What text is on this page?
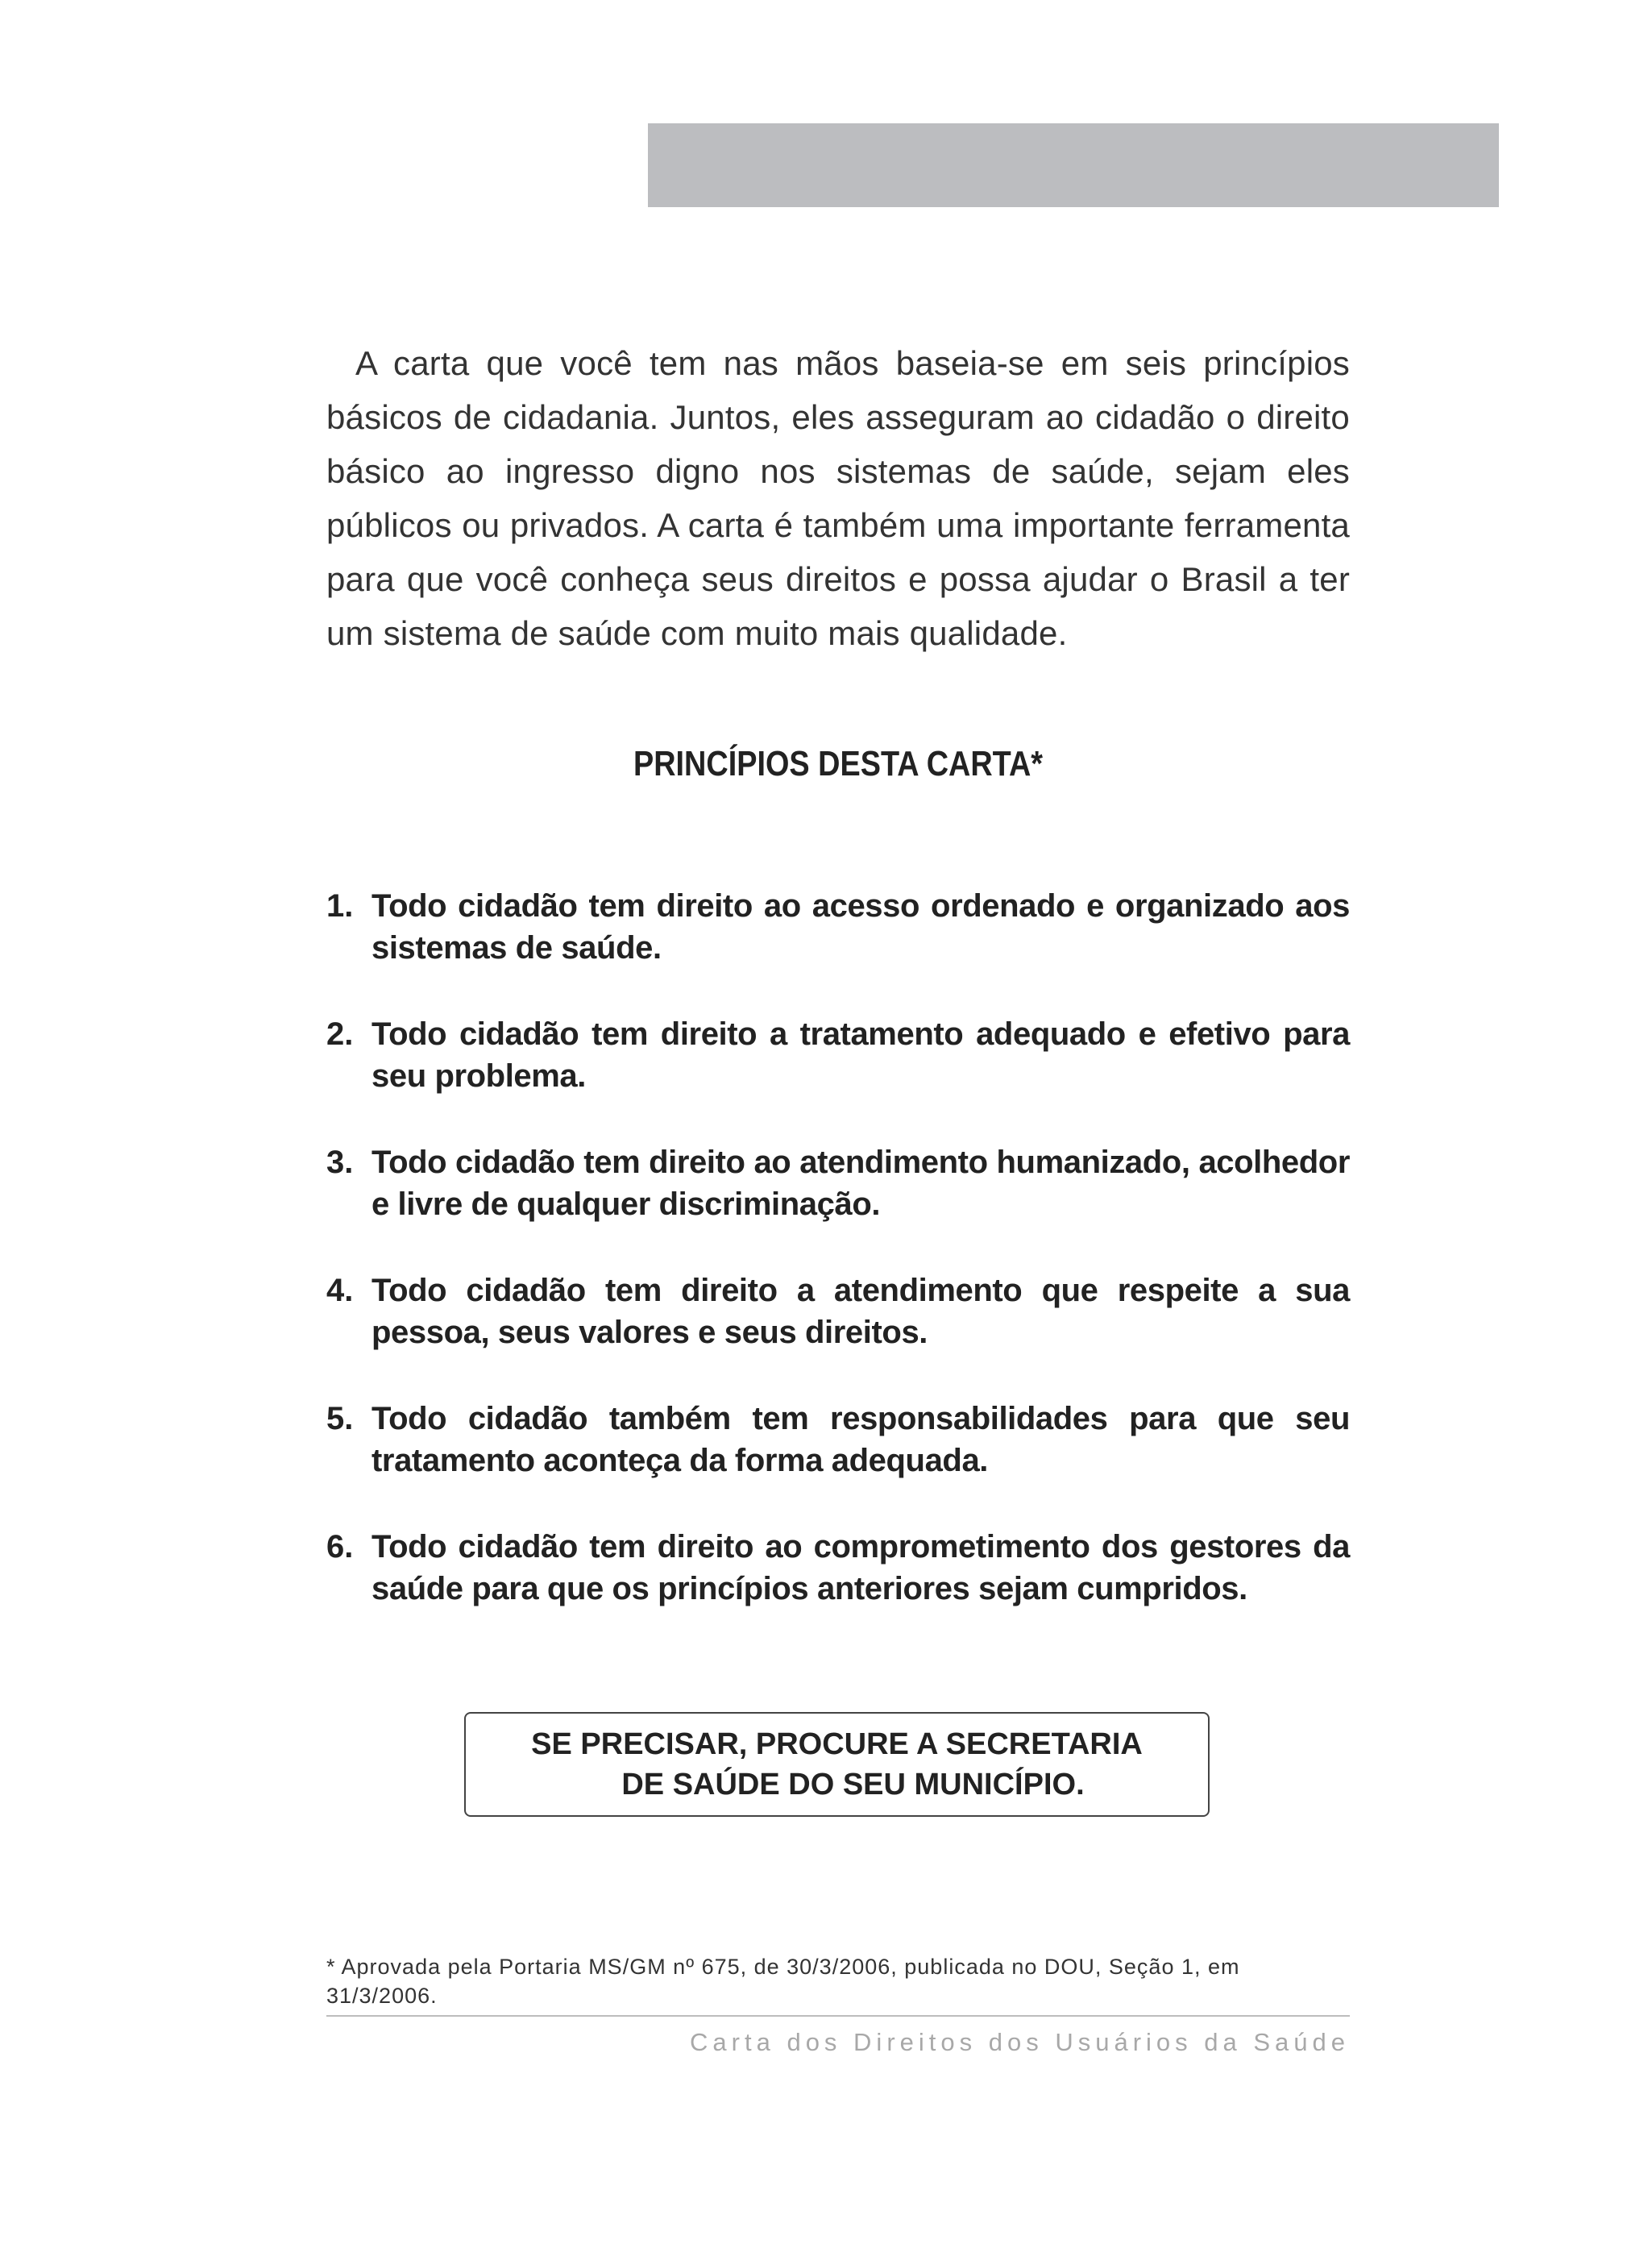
A carta que você tem nas mãos baseia-se em seis princípios básicos de cidadania. Juntos, eles asseguram ao cidadão o direito básico ao ingresso digno nos sistemas de saúde, sejam eles públicos ou privados. A carta é também uma importante ferramenta para que você conheça seus direitos e possa ajudar o Brasil a ter um sistema de saúde com muito mais qualidade.

PRINCÍPIOS DESTA CARTA*
1. Todo cidadão tem direito ao acesso ordenado e organizado aos sistemas de saúde.
2. Todo cidadão tem direito a tratamento adequado e efetivo para seu problema.
3. Todo cidadão tem direito ao atendimento humanizado, acolhedor e livre de qualquer discriminação.
4. Todo cidadão tem direito a atendimento que respeite a sua pessoa, seus valores e seus direitos.
5. Todo cidadão também tem responsabilidades para que seu tratamento aconteça da forma adequada.
6. Todo cidadão tem direito ao comprometimento dos gestores da saúde para que os princípios anteriores sejam cumpridos.
SE PRECISAR, PROCURE A SECRETARIA
DE SAÚDE DO SEU MUNICÍPIO.

* Aprovada pela Portaria MS/GM nº 675, de 30/3/2006, publicada no DOU, Seção 1, em 31/3/2006.

Carta dos Direitos dos Usuários da Saúde
